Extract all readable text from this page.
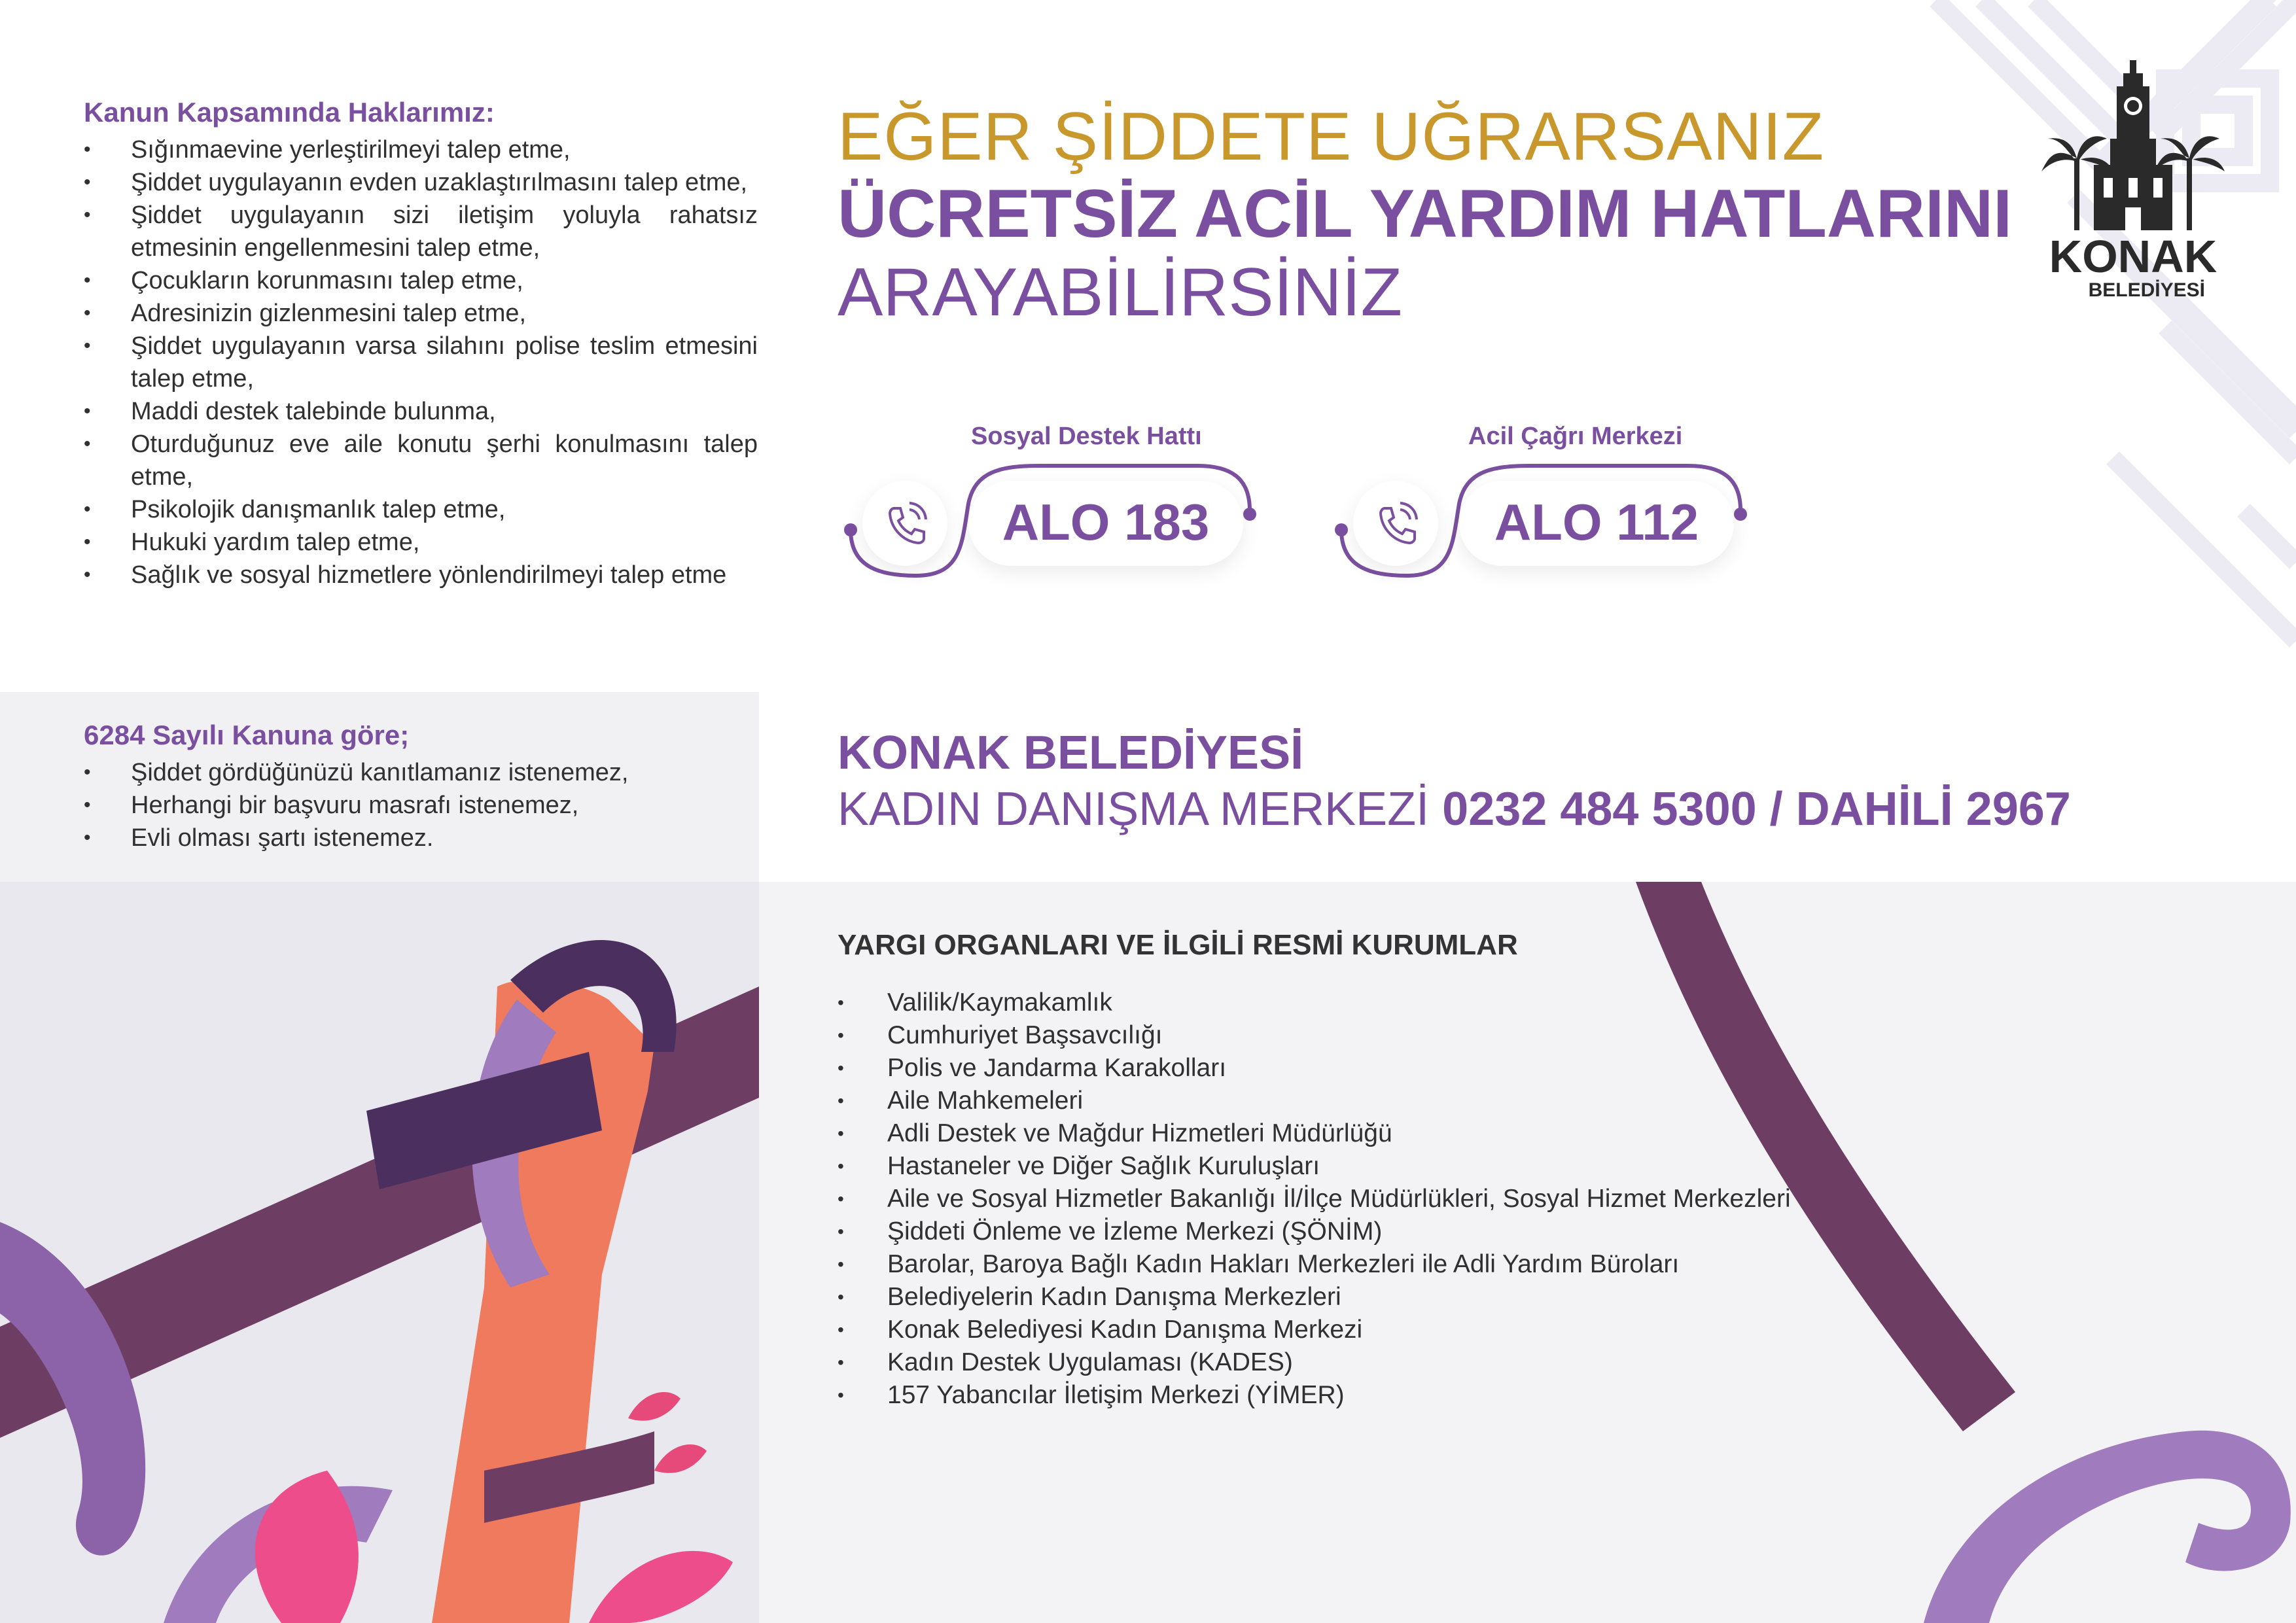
Kanun Kapsamında Haklarımız:
• Sığınmaevine yerleştirilmeyi talep etme,
• Şiddet uygulayanın evden uzaklaştırılmasını talep etme,
• Şiddet uygulayanın sizi iletişim yoluyla rahatsız etmesinin engellenmesini talep etme,
• Çocukların korunmasını talep etme,
• Adresinizin gizlenmesini talep etme,
• Şiddet uygulayanın varsa silahını polise teslim etmesini talep etme,
• Maddi destek talebinde bulunma,
• Oturduğunuz eve aile konutu şerhi konulmasını talep etme,
• Psikolojik danışmanlık talep etme,
• Hukuki yardım talep etme,
• Sağlık ve sosyal hizmetlere yönlendirilmeyi talep etme
6284 Sayılı Kanuna göre;
• Şiddet gördüğünüzü kanıtlamanız istenemez,
• Herhangi bir başvuru masrafı istenemez,
• Evli olması şartı istenemez.
EĞER ŞİDDETE UĞRARSANIZ
ÜCRETSİZ ACİL YARDIM HATLARINI
ARAYABİLİRSİNİZ
Sosyal Destek Hattı
ALO 183
Acil Çağrı Merkezi
ALO 112
KONAK BELEDİYESİ
KADIN DANIŞMA MERKEZİ 0232 484 5300 / DAHİLİ 2967
YARGI ORGANLARI VE İLGİLİ RESMİ KURUMLAR
• Valilik/Kaymakamlık
• Cumhuriyet Başsavcılığı
• Polis ve Jandarma Karakolları
• Aile Mahkemeleri
• Adli Destek ve Mağdur Hizmetleri Müdürlüğü
• Hastaneler ve Diğer Sağlık Kuruluşları
• Aile ve Sosyal Hizmetler Bakanlığı İl/İlçe Müdürlükleri, Sosyal Hizmet Merkezleri
• Şiddeti Önleme ve İzleme Merkezi (ŞÖNİM)
• Barolar, Baroya Bağlı Kadın Hakları Merkezleri ile Adli Yardım Büroları
• Belediyelerin Kadın Danışma Merkezleri
• Konak Belediyesi Kadın Danışma Merkezi
• Kadın Destek Uygulaması (KADES)
• 157 Yabancılar İletişim Merkezi (YİMER)
KONAK
BELEDİYESİ
